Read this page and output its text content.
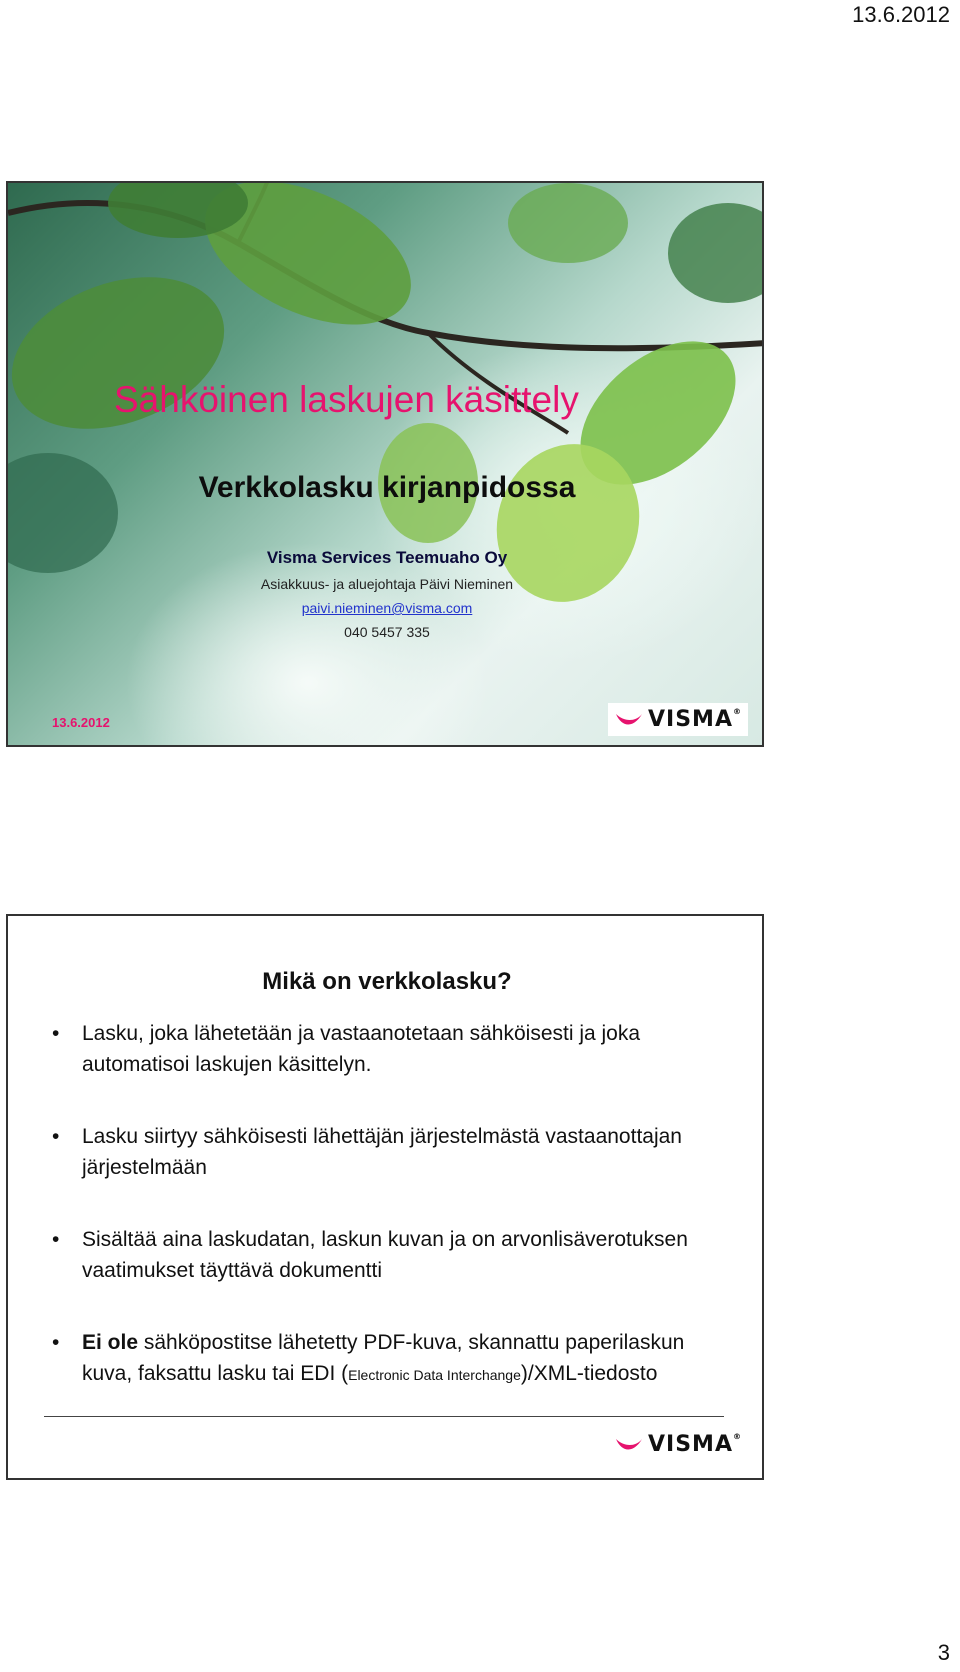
13.6.2012
Sähköinen laskujen käsittely
Verkkolasku kirjanpidossa
Visma Services Teemuaho Oy
Asiakkuus- ja aluejohtaja Päivi Nieminen
paivi.nieminen@visma.com
040 5457 335
13.6.2012	VISMA®
Mikä on verkkolasku?
• Lasku, joka lähetetään ja vastaanotetaan sähköisesti ja joka automatisoi laskujen käsittelyn.
• Lasku siirtyy sähköisesti lähettäjän järjestelmästä vastaanottajan järjestelmään
• Sisältää aina laskudatan, laskun kuvan ja on arvonlisäverotuksen vaatimukset täyttävä dokumentti
• Ei ole sähköpostitse lähetetty PDF-kuva, skannattu paperilaskun kuva, faksattu lasku tai EDI (Electronic Data Interchange)/XML-tiedosto
VISMA®
3
